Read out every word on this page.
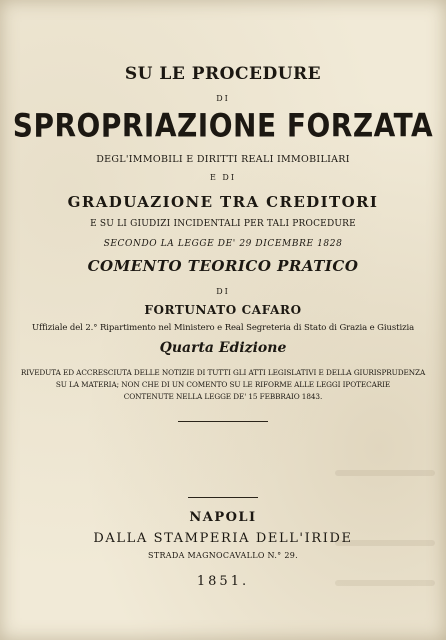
SU LE PROCEDURE
DI
SPROPRIAZIONE FORZATA
DEGL'IMMOBILI E DIRITTI REALI IMMOBILIARI
E DI
GRADUAZIONE TRA CREDITORI
E SU LI GIUDIZI INCIDENTALI PER TALI PROCEDURE
SECONDO LA LEGGE DE' 29 DICEMBRE 1828
COMENTO TEORICO PRATICO
DI
FORTUNATO CAFARO
Uffiziale del 2.° Ripartimento nel Ministero e Real Segreteria di Stato di Grazia e Giustizia
Quarta Edizione
RIVEDUTA ED ACCRESCIUTA DELLE NOTIZIE DI TUTTI GLI ATTI LEGISLATIVI E DELLA GIURISPRUDENZA
SU LA MATERIA; NON CHE DI UN COMENTO SU LE RIFORME ALLE LEGGI IPOTECARIE
CONTENUTE NELLA LEGGE DE' 15 FEBBRAIO 1843.
NAPOLI
DALLA STAMPERIA DELL'IRIDE
STRADA MAGNOCAVALLO N.° 29.
1851.
